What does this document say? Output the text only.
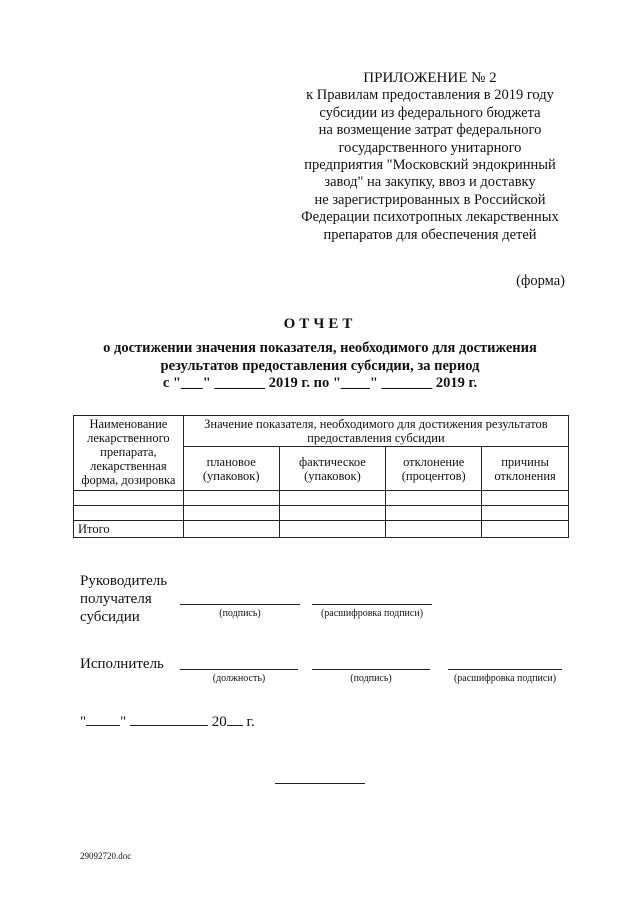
ПРИЛОЖЕНИЕ № 2
к Правилам предоставления в 2019 году
субсидии из федерального бюджета
на возмещение затрат федерального
государственного унитарного
предприятия "Московский эндокринный
завод" на закупку, ввоз и доставку
не зарегистрированных в Российской
Федерации психотропных лекарственных
препаратов для обеспечения детей
(форма)
ОТЧЕТ
о достижении значения показателя, необходимого для достижения
результатов предоставления субсидии, за период
с "___" _______ 2019 г. по "____" _______ 2019 г.
Наименование лекарственного препарата, лекарственная форма, дозировка	Значение показателя, необходимого для достижения результатов предоставления субсидии			
	плановое (упаковок)	фактическое (упаковок)	отклонение (процентов)	причины отклонения

Итого				
Руководитель
получателя
субсидии	(подпись)	(расшифровка подписи)
Исполнитель
(должность)	(подпись)	(расшифровка подписи)
" "	20 г.
29092720.doc
